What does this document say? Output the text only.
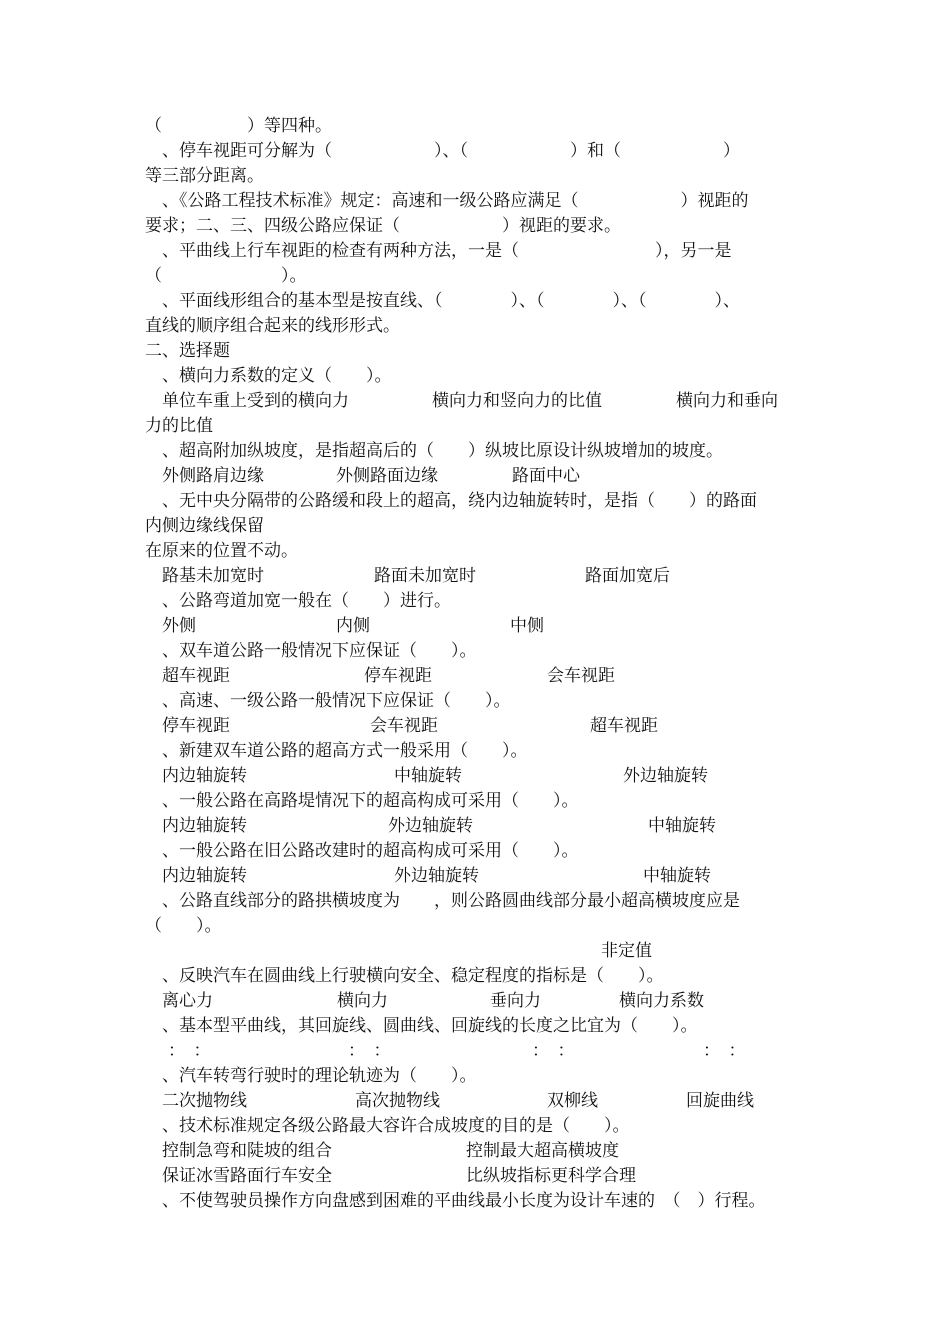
（　　　　　）等四种。

　、停车视距可分解为（　　　　　　）、（　　　　　　）和（　　　　　　）

等三部分距离。

　、《公路工程技术标准》规定：高速和一级公路应满足（　　　　　　）视距的

要求；二、三、四级公路应保证（　　　　　　）视距的要求。

　、平曲线上行车视距的检查有两种方法，一是（　　　　　　　　），另一是

（　　　　　　　）。

　、平面线形组合的基本型是按直线、（　　　　）、（　　　　）、（　　　　）、

直线的顺序组合起来的线形形式。

二、选择题

　、横向力系数的定义（　　）。

单位车重上受到的横向力	横向力和竖向力的比值	横向力和垂向

力的比值

　、超高附加纵坡度，是指超高后的（　　）纵坡比原设计纵坡增加的坡度。

外侧路肩边缘	外侧路面边缘	路面中心

　、无中央分隔带的公路缓和段上的超高，绕内边轴旋转时，是指（　　）的路面

内侧边缘线保留

在原来的位置不动。

路基未加宽时	路面未加宽时	路面加宽后

　、公路弯道加宽一般在（　　）进行。

外侧	内侧	中侧

　、双车道公路一般情况下应保证（　　）。

超车视距	停车视距	会车视距

　、高速、一级公路一般情况下应保证（　　）。

停车视距	会车视距	超车视距

　、新建双车道公路的超高方式一般采用（　　）。

内边轴旋转	中轴旋转	外边轴旋转

　、一般公路在高路堤情况下的超高构成可采用（　　）。

内边轴旋转	外边轴旋转	中轴旋转

　、一般公路在旧公路改建时的超高构成可采用（　　）。

内边轴旋转	外边轴旋转	中轴旋转

　、公路直线部分的路拱横坡度为　　，则公路圆曲线部分最小超高横坡度应是

（　　）。

非定值

　、反映汽车在圆曲线上行驶横向安全、稳定程度的指标是（　　）。

离心力	横向力	垂向力	横向力系数

　、基本型平曲线，其回旋线、圆曲线、回旋线的长度之比宜为（　　）。

：　：	：　：	：　：	：　：

　、汽车转弯行驶时的理论轨迹为（　　）。

二次抛物线	高次抛物线	双柳线	回旋曲线

　、技术标准规定各级公路最大容许合成坡度的目的是（　　）。

控制急弯和陡坡的组合	控制最大超高横坡度
保证冰雪路面行车安全	比纵坡指标更科学合理

　、不使驾驶员操作方向盘感到困难的平曲线最小长度为设计车速的　（　）行程。
